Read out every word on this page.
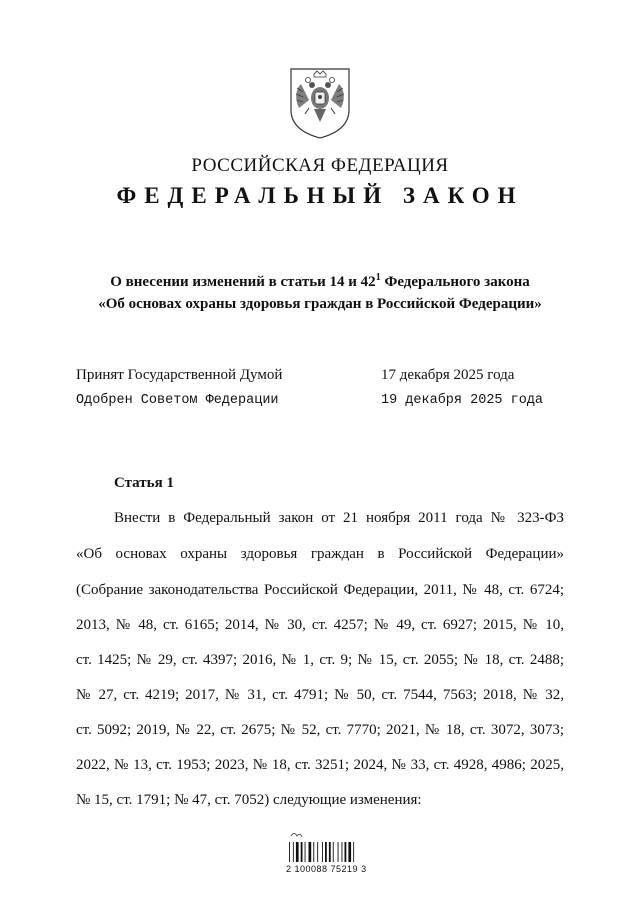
РОССИЙСКАЯ ФЕДЕРАЦИЯ
ФЕДЕРАЛЬНЫЙ ЗАКОН
О внесении изменений в статьи 14 и $42^1$ Федерального закона
«Об основах охраны здоровья граждан в Российской Федерации»
Принят Государственной Думой	17 декабря 2025 года
Одобрен Советом Федерации	19 декабря 2025 года
Статья 1
Внести в Федеральный закон от 21 ноября 2011 года № 323-ФЗ
«Об основах охраны здоровья граждан в Российской Федерации»
(Собрание законодательства Российской Федерации, 2011, № 48, ст. 6724;
2013, № 48, ст. 6165; 2014, № 30, ст. 4257; № 49, ст. 6927; 2015, № 10,
ст. 1425; № 29, ст. 4397; 2016, № 1, ст. 9; № 15, ст. 2055; № 18, ст. 2488;
№ 27, ст. 4219; 2017, № 31, ст. 4791; № 50, ст. 7544, 7563; 2018, № 32,
ст. 5092; 2019, № 22, ст. 2675; № 52, ст. 7770; 2021, № 18, ст. 3072, 3073;
2022, № 13, ст. 1953; 2023, № 18, ст. 3251; 2024, № 33, ст. 4928, 4986; 2025,
№ 15, ст. 1791; № 47, ст. 7052) следующие изменения:
2 100088 75219 3
